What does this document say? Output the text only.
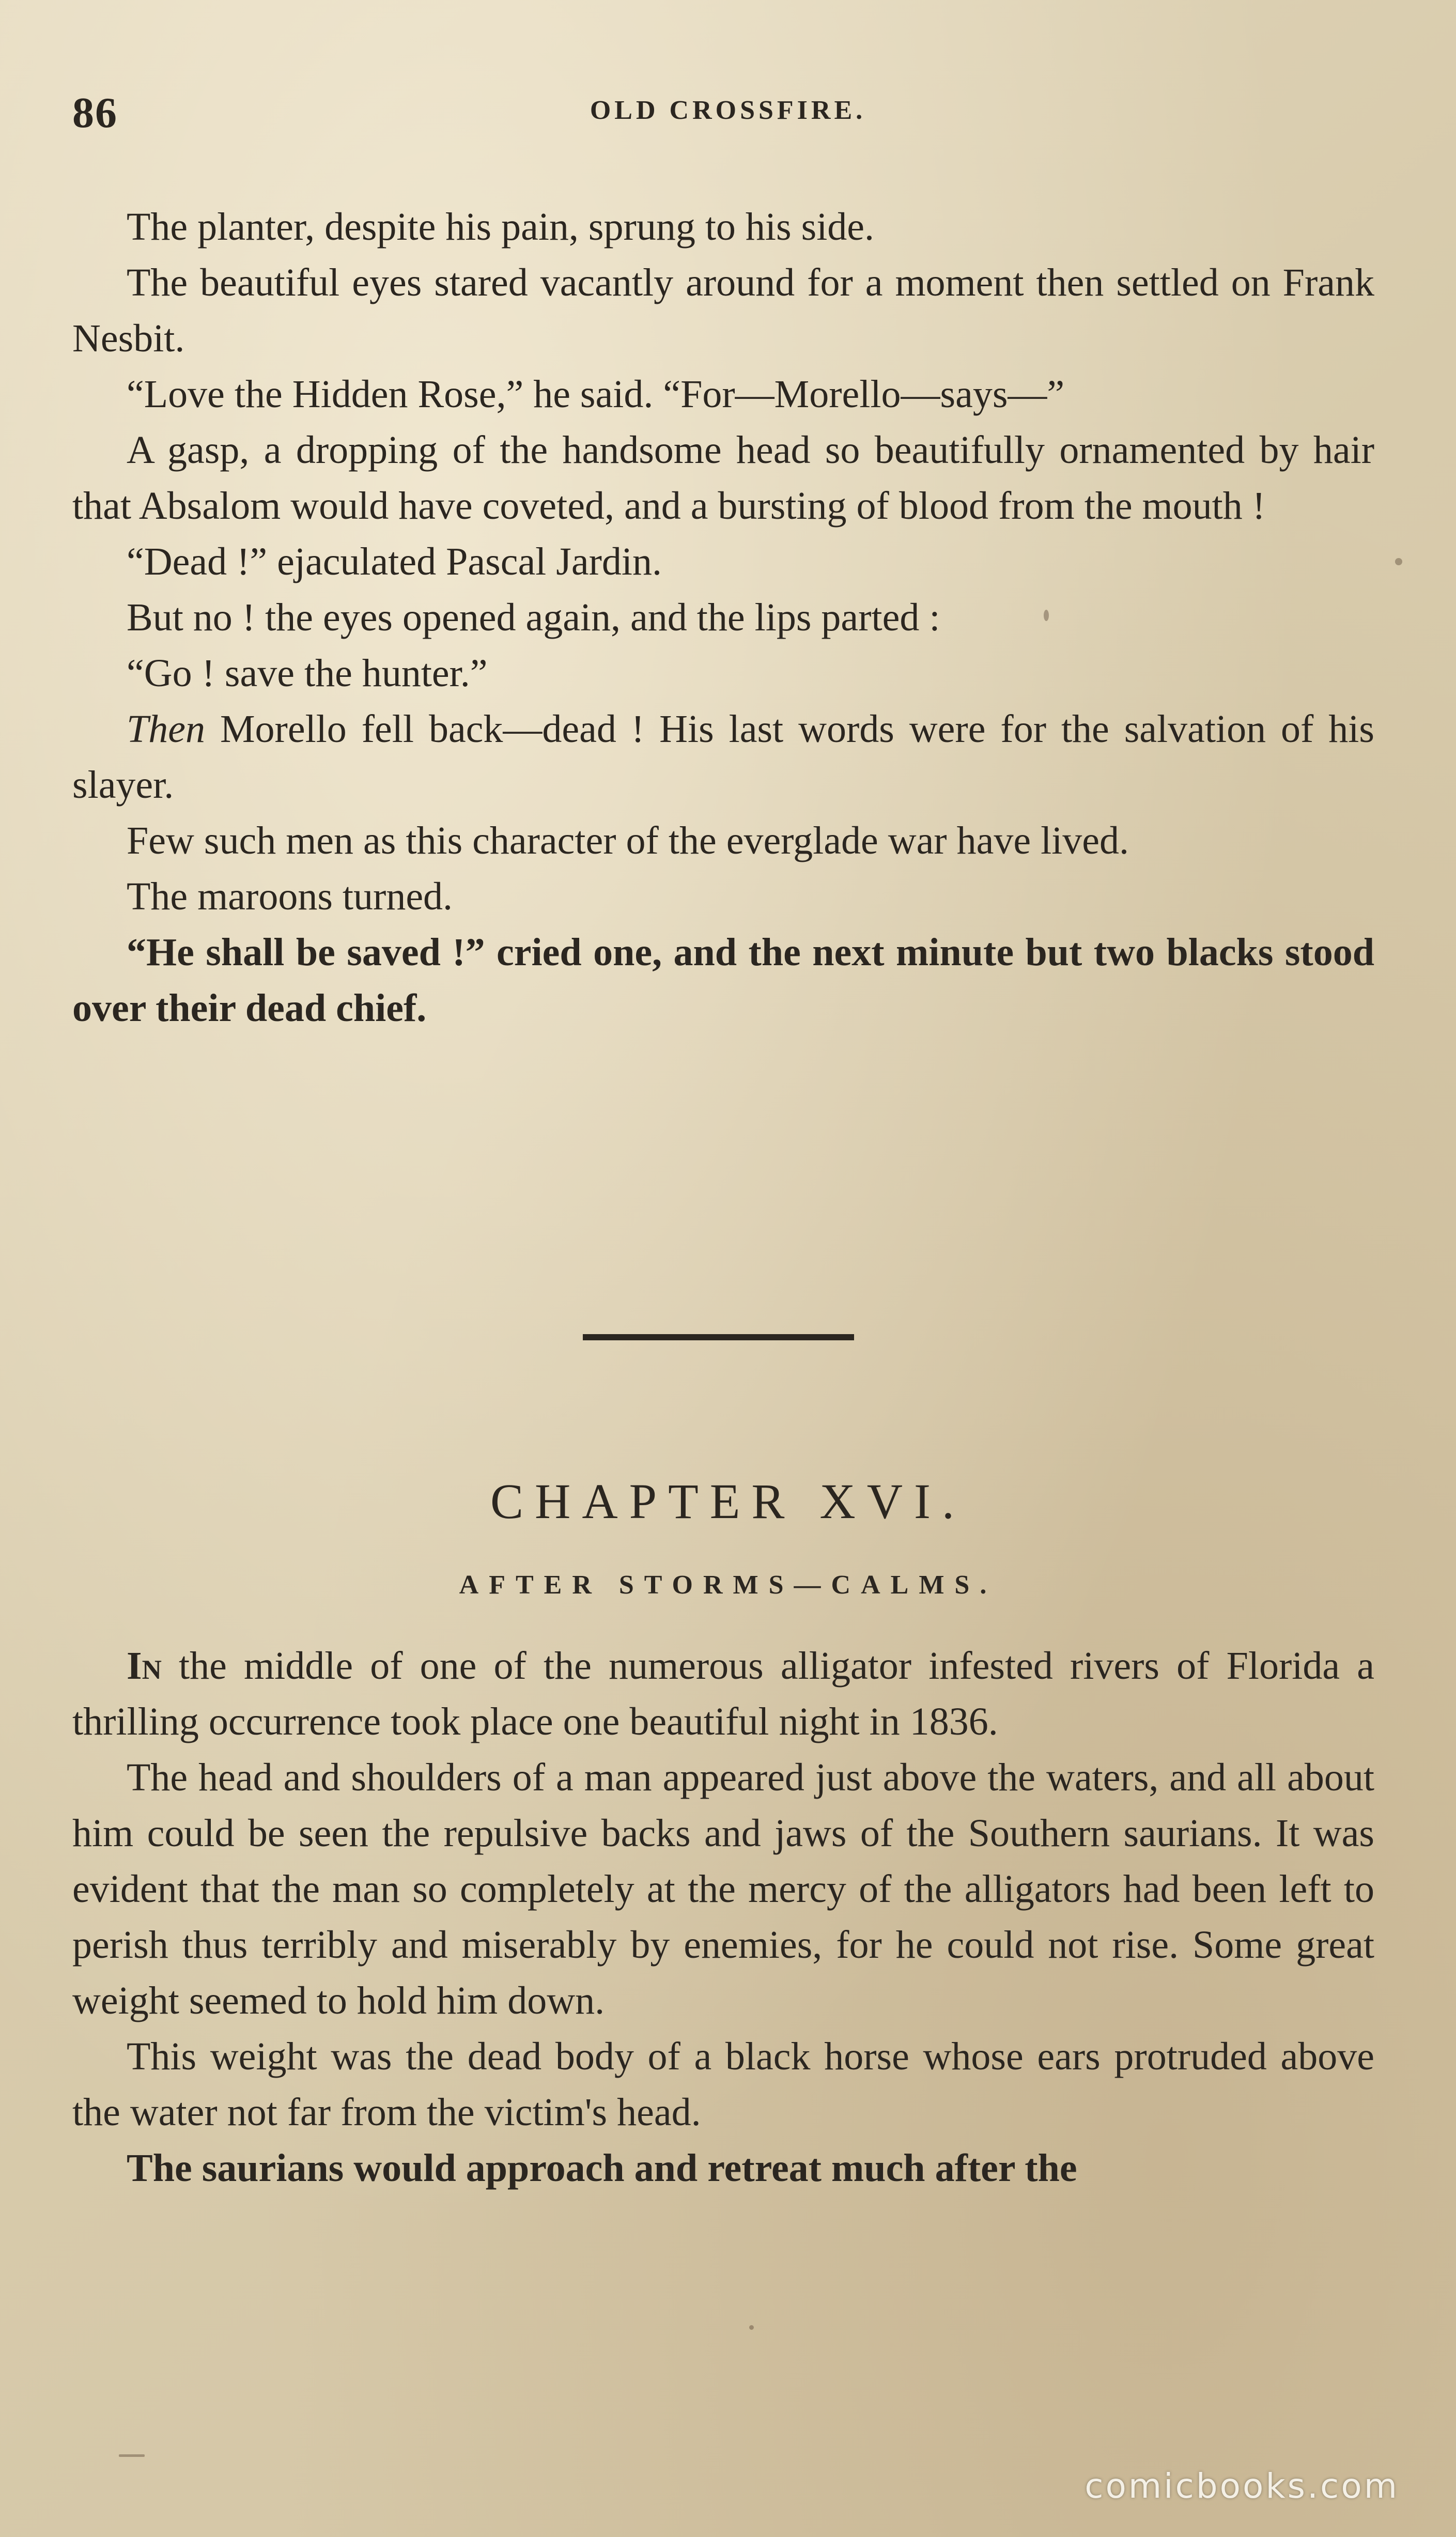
86	OLD CROSSFIRE.

The planter, despite his pain, sprung to his side.

The beautiful eyes stared vacantly around for a moment then settled on Frank Nesbit.

“Love the Hidden Rose,” he said. “For—Morello—says—”

A gasp, a dropping of the handsome head so beautifully ornamented by hair that Absalom would have coveted, and a bursting of blood from the mouth !

“Dead !” ejaculated Pascal Jardin.

But no ! the eyes opened again, and the lips parted :

“Go ! save the hunter.”

Then Morello fell back—dead ! His last words were for the salvation of his slayer.

Few such men as this character of the everglade war have lived.

The maroons turned.

“He shall be saved !” cried one, and the next minute but two blacks stood over their dead chief.

CHAPTER XVI.
AFTER STORMS—CALMS.

In the middle of one of the numerous alligator infested rivers of Florida a thrilling occurrence took place one beautiful night in 1836.

The head and shoulders of a man appeared just above the waters, and all about him could be seen the repulsive backs and jaws of the Southern saurians. It was evident that the man so completely at the mercy of the alligators had been left to perish thus terribly and miserably by enemies, for he could not rise. Some great weight seemed to hold him down.

This weight was the dead body of a black horse whose ears protruded above the water not far from the victim's head.

The saurians would approach and retreat much after the

comicbooks.com
